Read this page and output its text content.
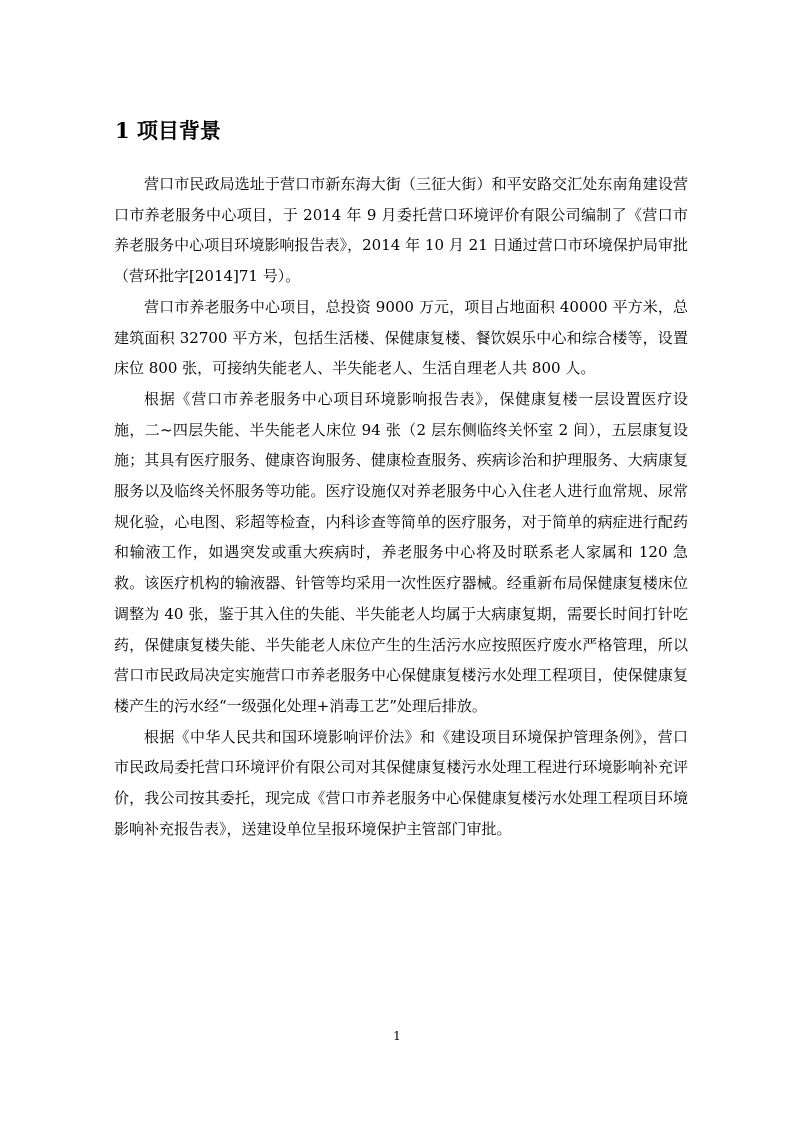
1 项目背景

营口市民政局选址于营口市新东海大街（三征大街）和平安路交汇处东南角建设营口市养老服务中心项目，于 2014 年 9 月委托营口环境评价有限公司编制了《营口市养老服务中心项目环境影响报告表》，2014 年 10 月 21 日通过营口市环境保护局审批（营环批字[2014]71 号）。

营口市养老服务中心项目，总投资 9000 万元，项目占地面积 40000 平方米，总建筑面积 32700 平方米，包括生活楼、保健康复楼、餐饮娱乐中心和综合楼等，设置床位 800 张，可接纳失能老人、半失能老人、生活自理老人共 800 人。

根据《营口市养老服务中心项目环境影响报告表》，保健康复楼一层设置医疗设施，二~四层失能、半失能老人床位 94 张（2 层东侧临终关怀室 2 间），五层康复设施；其具有医疗服务、健康咨询服务、健康检查服务、疾病诊治和护理服务、大病康复服务以及临终关怀服务等功能。医疗设施仅对养老服务中心入住老人进行血常规、尿常规化验，心电图、彩超等检查，内科诊查等简单的医疗服务，对于简单的病症进行配药和输液工作，如遇突发或重大疾病时，养老服务中心将及时联系老人家属和 120 急救。该医疗机构的输液器、针管等均采用一次性医疗器械。经重新布局保健康复楼床位调整为 40 张，鉴于其入住的失能、半失能老人均属于大病康复期，需要长时间打针吃药，保健康复楼失能、半失能老人床位产生的生活污水应按照医疗废水严格管理，所以营口市民政局决定实施营口市养老服务中心保健康复楼污水处理工程项目，使保健康复楼产生的污水经“一级强化处理+消毒工艺”处理后排放。

根据《中华人民共和国环境影响评价法》和《建设项目环境保护管理条例》，营口市民政局委托营口环境评价有限公司对其保健康复楼污水处理工程进行环境影响补充评价，我公司按其委托，现完成《营口市养老服务中心保健康复楼污水处理工程项目环境影响补充报告表》，送建设单位呈报环境保护主管部门审批。

1
